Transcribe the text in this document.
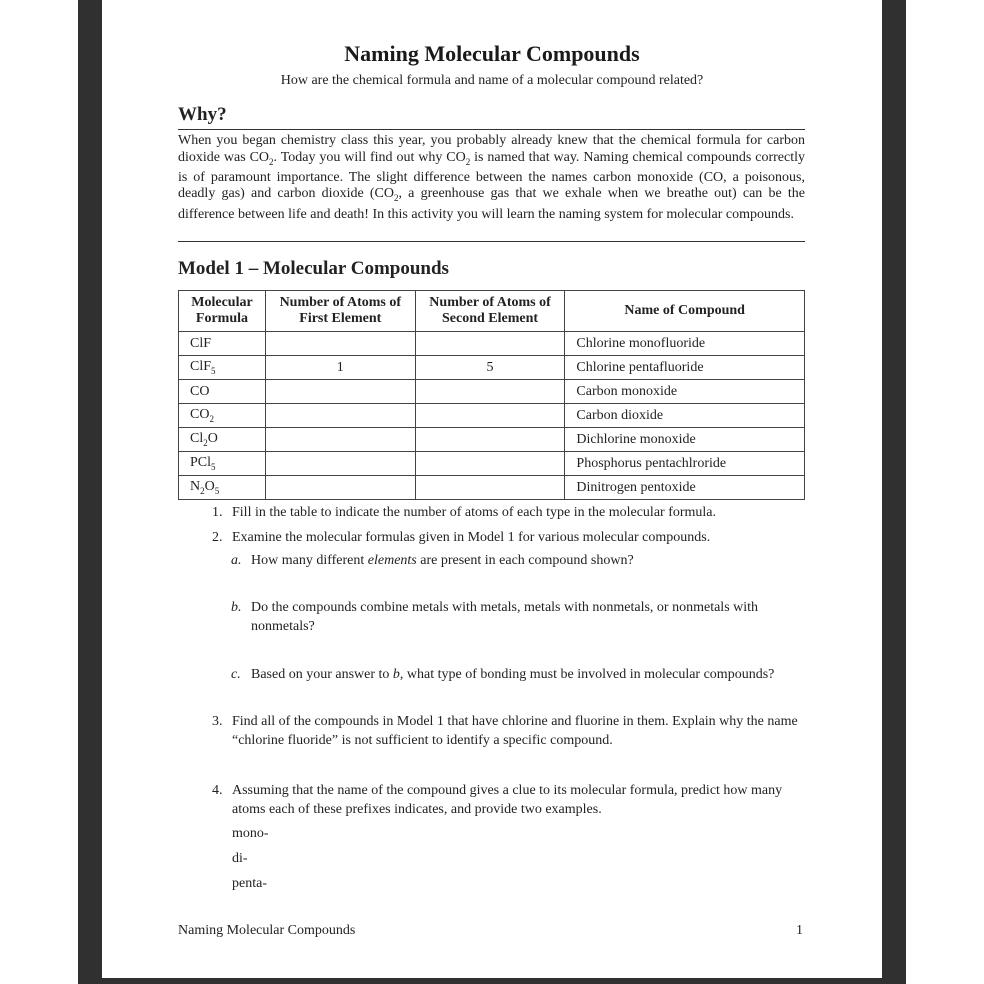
Naming Molecular Compounds
How are the chemical formula and name of a molecular compound related?
Why?
When you began chemistry class this year, you probably already knew that the chemical formula for carbon dioxide was $CO_2$. Today you will find out why $CO_2$ is named that way. Naming chemical compounds correctly is of paramount importance. The slight difference between the names carbon monoxide (CO, a poisonous, deadly gas) and carbon dioxide ($CO_2$, a greenhouse gas that we exhale when we breathe out) can be the difference between life and death! In this activity you will learn the naming system for molecular compounds.
Model 1 – Molecular Compounds
Molecular Formula	Number of Atoms of First Element	Number of Atoms of Second Element	Name of Compound
ClF			Chlorine monofluoride
ClF$_5$	1	5	Chlorine pentafluoride
CO			Carbon monoxide
$CO_2$			Carbon dioxide
$Cl_2O$			Dichlorine monoxide
PCl$_5$			Phosphorus pentachlroride
$N_2O_5$			Dinitrogen pentoxide
1. Fill in the table to indicate the number of atoms of each type in the molecular formula.
2. Examine the molecular formulas given in Model 1 for various molecular compounds.
a. How many different elements are present in each compound shown?
b. Do the compounds combine metals with metals, metals with nonmetals, or nonmetals with nonmetals?
c. Based on your answer to b, what type of bonding must be involved in molecular compounds?
3. Find all of the compounds in Model 1 that have chlorine and fluorine in them. Explain why the name “chlorine fluoride” is not sufficient to identify a specific compound.
4. Assuming that the name of the compound gives a clue to its molecular formula, predict how many atoms each of these prefixes indicates, and provide two examples.
mono-
di-
penta-
Naming Molecular Compounds	1
